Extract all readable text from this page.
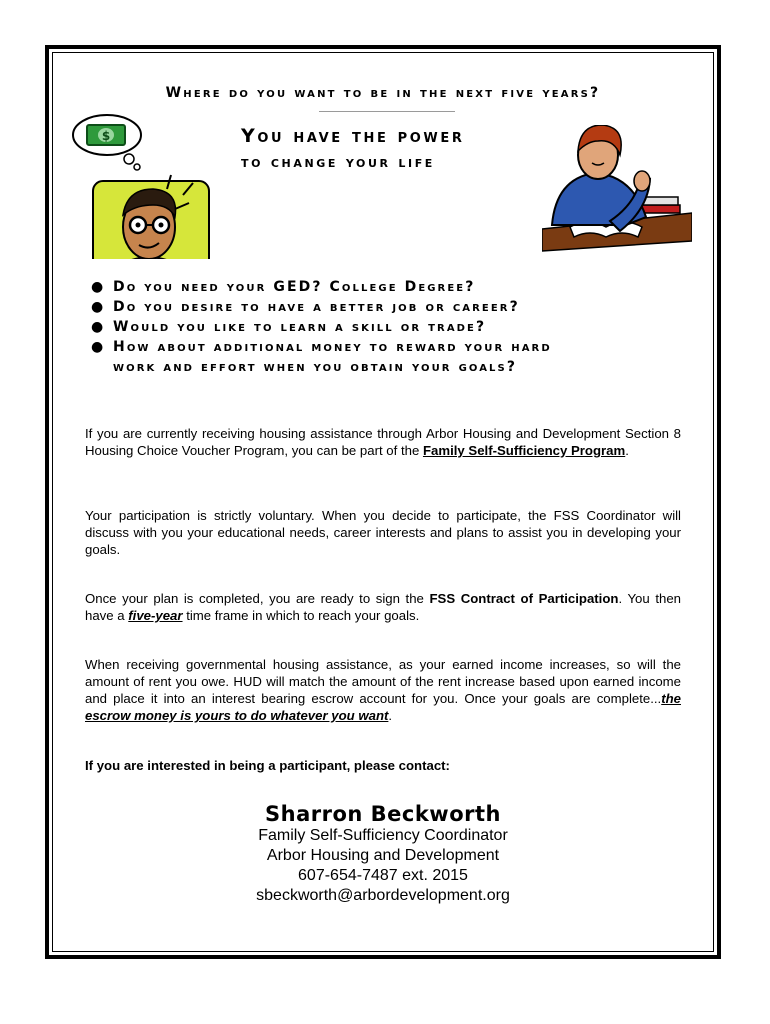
Where do you want to be in the next five years?
$	You have the power
to change your life
● Do you need your GED? College Degree?
● Do you desire to have a better job or career?
● Would you like to learn a skill or trade?
● How about additional money to reward your hard
work and effort when you obtain your goals?
If you are currently receiving housing assistance through Arbor Housing and Development Section 8 Housing Choice Voucher Program, you can be part of the Family Self-Sufficiency Program.
Your participation is strictly voluntary. When you decide to participate, the FSS Coordinator will discuss with you your educational needs, career interests and plans to assist you in developing your goals.
Once your plan is completed, you are ready to sign the FSS Contract of Participation. You then have a five-year time frame in which to reach your goals.
When receiving governmental housing assistance, as your earned income increases, so will the amount of rent you owe. HUD will match the amount of the rent increase based upon earned income and place it into an interest bearing escrow account for you. Once your goals are complete...the escrow money is yours to do whatever you want.
If you are interested in being a participant, please contact:
Sharron Beckworth
Family Self-Sufficiency Coordinator
Arbor Housing and Development
607-654-7487 ext. 2015
sbeckworth@arbordevelopment.org
